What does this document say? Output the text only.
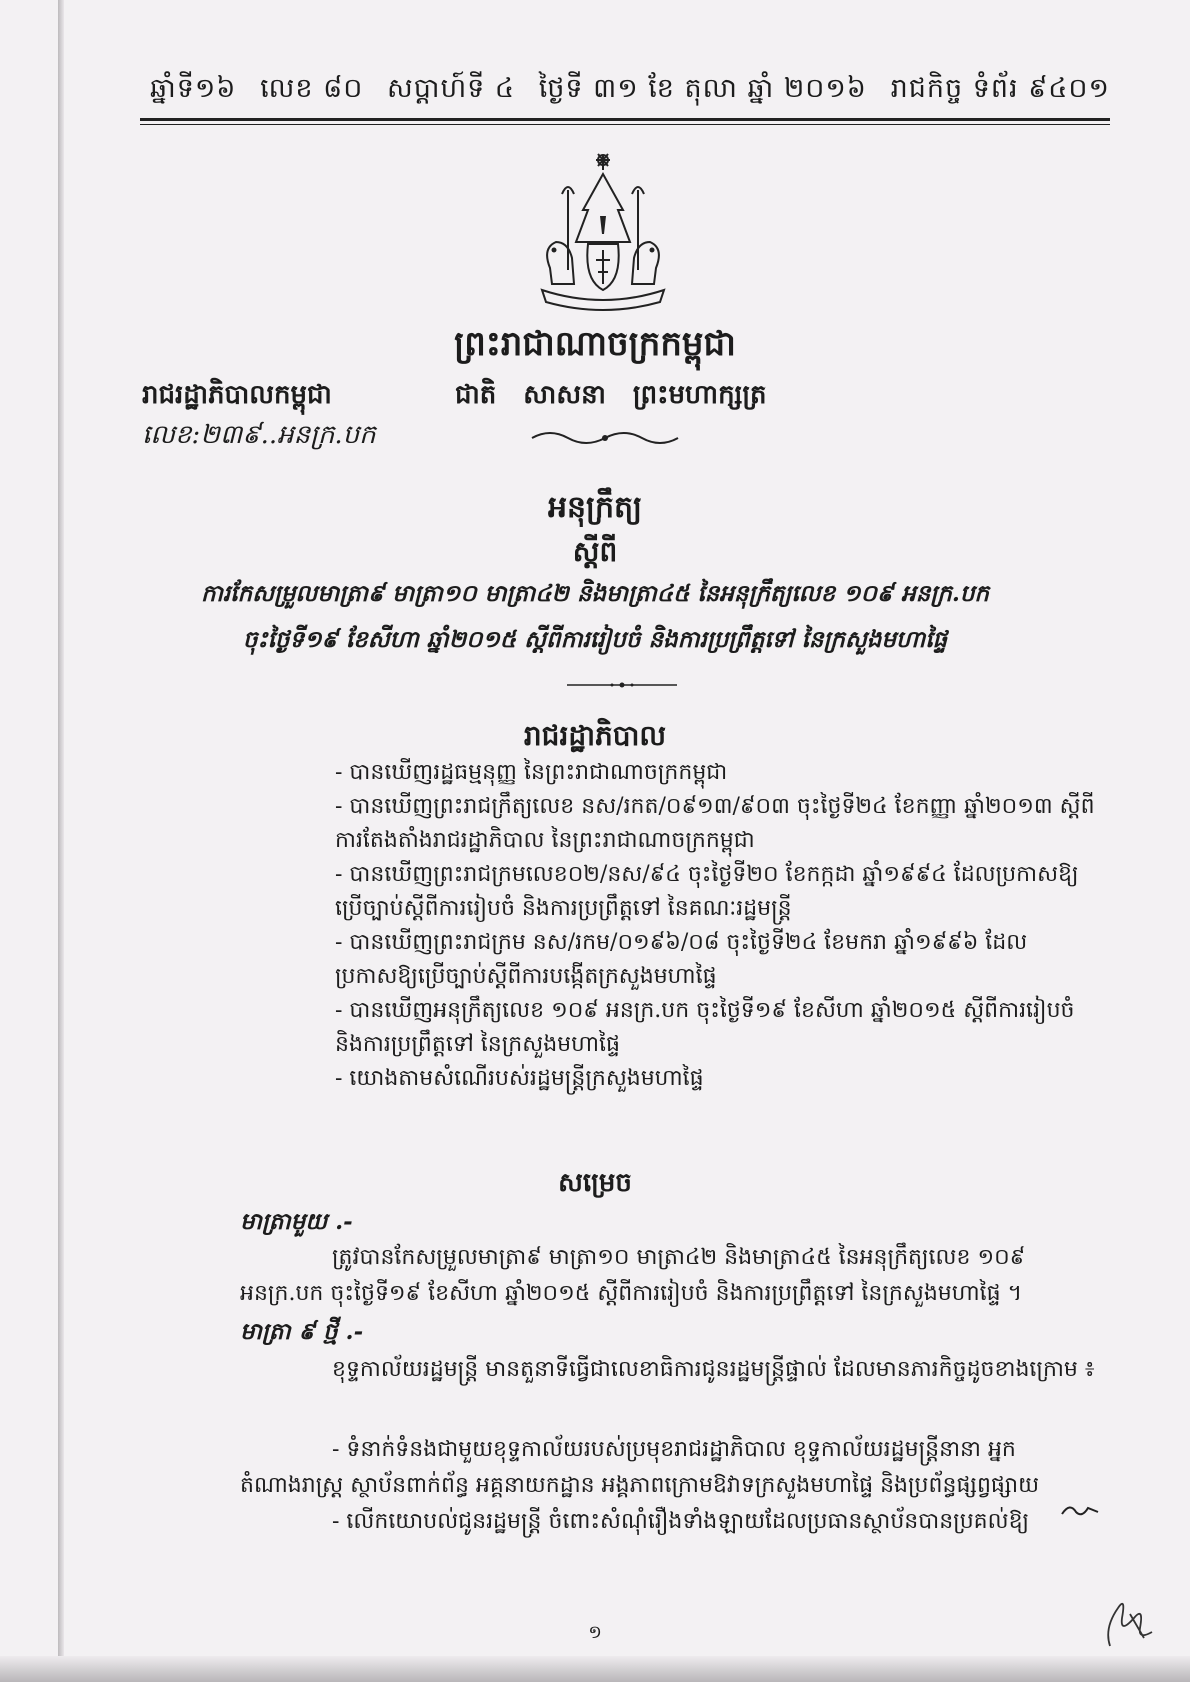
ឆ្នាំទី១៦ លេខ ៨០ សប្តាហ៍ទី ៤ ថ្ងៃទី ៣១ ខែ តុលា ឆ្នាំ ២០១៦ រាជកិច្ច ទំព័រ ៩៤០១
ព្រះរាជាណាចក្រកម្ពុជា
រាជរដ្ឋាភិបាលកម្ពុជា	ជាតិ សាសនា ព្រះមហាក្សត្រ
លេខ:២៣៩..អនក្រ.បក
អនុក្រឹត្យ
ស្តីពី
ការកែសម្រួលមាត្រា៩ មាត្រា១០ មាត្រា៤២ និងមាត្រា៤៥ នៃអនុក្រឹត្យលេខ ១០៩ អនក្រ.បក
ចុះថ្ងៃទី១៩ ខែសីហា ឆ្នាំ២០១៥ ស្តីពីការរៀបចំ និងការប្រព្រឹត្តទៅ នៃក្រសួងមហាផ្ទៃ
រាជរដ្ឋាភិបាល
- បានឃើញរដ្ឋធម្មនុញ្ញ នៃព្រះរាជាណាចក្រកម្ពុជា
- បានឃើញព្រះរាជក្រឹត្យលេខ នស/រកត/០៩១៣/៩០៣ ចុះថ្ងៃទី២៤ ខែកញ្ញា ឆ្នាំ២០១៣ ស្តីពីការតែងតាំងរាជរដ្ឋាភិបាល នៃព្រះរាជាណាចក្រកម្ពុជា
- បានឃើញព្រះរាជក្រមលេខ០២/នស/៩៤ ចុះថ្ងៃទី២០ ខែកក្កដា ឆ្នាំ១៩៩៤ ដែលប្រកាសឱ្យប្រើច្បាប់ស្តីពីការរៀបចំ និងការប្រព្រឹត្តទៅ នៃគណៈរដ្ឋមន្ត្រី
- បានឃើញព្រះរាជក្រម នស/រកម/០១៩៦/០៨ ចុះថ្ងៃទី២៤ ខែមករា ឆ្នាំ១៩៩៦ ដែលប្រកាសឱ្យប្រើច្បាប់ស្តីពីការបង្កើតក្រសួងមហាផ្ទៃ
- បានឃើញអនុក្រឹត្យលេខ ១០៩ អនក្រ.បក ចុះថ្ងៃទី១៩ ខែសីហា ឆ្នាំ២០១៥ ស្តីពីការរៀបចំ និងការប្រព្រឹត្តទៅ នៃក្រសួងមហាផ្ទៃ
- យោងតាមសំណើរបស់រដ្ឋមន្ត្រីក្រសួងមហាផ្ទៃ
សម្រេច
មាត្រាមួយ .-

ត្រូវបានកែសម្រួលមាត្រា៩ មាត្រា១០ មាត្រា៤២ និងមាត្រា៤៥ នៃអនុក្រឹត្យលេខ ១០៩ អនក្រ.បក ចុះថ្ងៃទី១៩ ខែសីហា ឆ្នាំ២០១៥ ស្តីពីការរៀបចំ និងការប្រព្រឹត្តទៅ នៃក្រសួងមហាផ្ទៃ ។

មាត្រា ៩ ថ្មី .-

ខុទ្ទកាល័យរដ្ឋមន្ត្រី មានតួនាទីធ្វើជាលេខាធិការជូនរដ្ឋមន្ត្រីផ្ទាល់ ដែលមានភារកិច្ចដូចខាងក្រោម ៖

- ទំនាក់ទំនងជាមួយខុទ្ទកាល័យរបស់ប្រមុខរាជរដ្ឋាភិបាល ខុទ្ទកាល័យរដ្ឋមន្ត្រីនានា អ្នកតំណាងរាស្ត្រ ស្ថាប័នពាក់ព័ន្ធ អគ្គនាយកដ្ឋាន អង្គភាពក្រោមឱវាទក្រសួងមហាផ្ទៃ និងប្រព័ន្ធផ្សព្វផ្សាយ
- លើកយោបល់ជូនរដ្ឋមន្ត្រី ចំពោះសំណុំរឿងទាំងឡាយដែលប្រធានស្ថាប័នបានប្រគល់ឱ្យ
១
